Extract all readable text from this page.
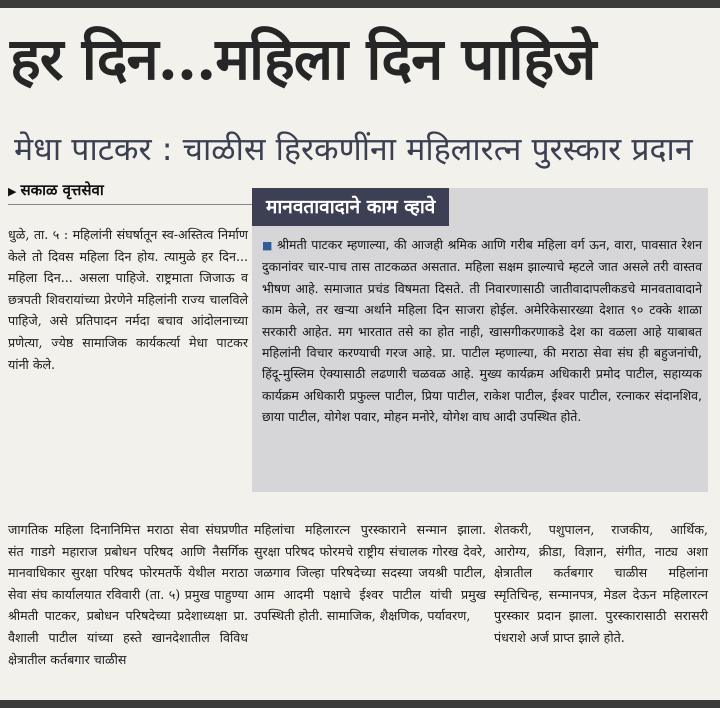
हर दिन...महिला दिन पाहिजे
मेधा पाटकर : चाळीस हिरकणींना महिलारत्न पुरस्कार प्रदान
▶ सकाळ वृत्तसेवा

धुळे, ता. ५ : महिलांनी संघर्षातून स्व-अस्तित्व निर्माण केले तो दिवस महिला दिन होय. त्यामुळे हर दिन... महिला दिन... असला पाहिजे. राष्ट्रमाता जिजाऊ व छत्रपती शिवरायांच्या प्रेरणेने महिलांनी राज्य चालविले पाहिजे, असे प्रतिपादन नर्मदा बचाव आंदोलनाच्या प्रणेत्या, ज्येष्ठ सामाजिक कार्यकर्त्या मेधा पाटकर यांनी केले.

मानवतावादाने काम व्हावे
■ श्रीमती पाटकर म्हणाल्या, की आजही श्रमिक आणि गरीब महिला वर्ग ऊन, वारा, पावसात रेशन दुकानांवर चार-पाच तास ताटकळत असतात. महिला सक्षम झाल्याचे म्हटले जात असले तरी वास्तव भीषण आहे. समाजात प्रचंड विषमता दिसते. ती निवारणासाठी जातीवादापलीकडचे मानवतावादाने काम केले, तर खऱ्या अर्थाने महिला दिन साजरा होईल. अमेरिकेसारख्या देशात ९० टक्के शाळा सरकारी आहेत. मग भारतात तसे का होत नाही, खासगीकरणाकडे देश का वळला आहे याबाबत महिलांनी विचार करण्याची गरज आहे. प्रा. पाटील म्हणाल्या, की मराठा सेवा संघ ही बहुजनांची, हिंदू-मुस्लिम ऐक्यासाठी लढणारी चळवळ आहे. मुख्य कार्यक्रम अधिकारी प्रमोद पाटील, सहाय्यक कार्यक्रम अधिकारी प्रफुल्ल पाटील, प्रिया पाटील, राकेश पाटील, ईश्वर पाटील, रत्नाकर संदानशिव, छाया पाटील, योगेश पवार, मोहन मनोरे, योगेश वाघ आदी उपस्थित होते.

जागतिक महिला दिनानिमित्त मराठा सेवा संघप्रणीत संत गाडगे महाराज प्रबोधन परिषद आणि नैसर्गिक मानवाधिकार सुरक्षा परिषद फोरमतर्फे येथील मराठा सेवा संघ कार्यालयात रविवारी (ता. ५) प्रमुख पाहुण्या श्रीमती पाटकर, प्रबोधन परिषदेच्या प्रदेशाध्यक्षा प्रा. वैशाली पाटील यांच्या हस्ते खानदेशातील विविध क्षेत्रातील कर्तबगार चाळीस

महिलांचा महिलारत्न पुरस्काराने सन्मान झाला. सुरक्षा परिषद फोरमचे राष्ट्रीय संचालक गोरख देवरे, जळगाव जिल्हा परिषदेच्या सदस्या जयश्री पाटील, आम आदमी पक्षाचे ईश्वर पाटील यांची प्रमुख उपस्थिती होती. सामाजिक, शैक्षणिक, पर्यावरण,

शेतकरी, पशुपालन, राजकीय, आर्थिक, आरोग्य, क्रीडा, विज्ञान, संगीत, नाट्य अशा क्षेत्रातील कर्तबगार चाळीस महिलांना स्मृतिचिन्ह, सन्मानपत्र, मेडल देऊन महिलारत्न पुरस्कार प्रदान झाला. पुरस्कारासाठी सरासरी पंधराशे अर्ज प्राप्त झाले होते.
